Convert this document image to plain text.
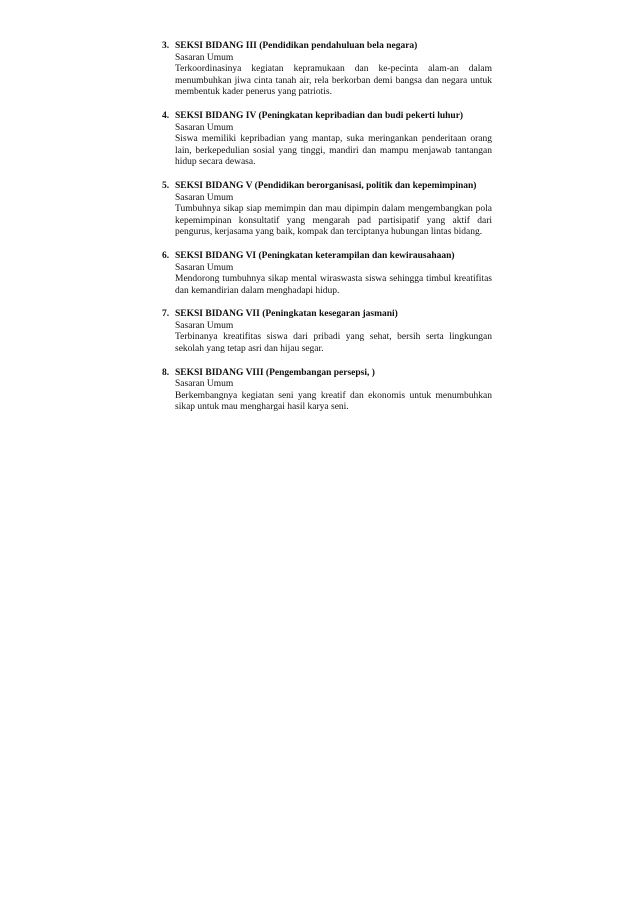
3. SEKSI BIDANG III (Pendidikan pendahuluan bela negara)
Sasaran Umum
Terkoordinasinya kegiatan kepramukaan dan ke-pecinta alam-an dalam menumbuhkan jiwa cinta tanah air, rela berkorban demi bangsa dan negara untuk membentuk kader penerus yang patriotis.
4. SEKSI BIDANG IV (Peningkatan kepribadian dan budi pekerti luhur)
Sasaran Umum
Siswa memiliki kepribadian yang mantap, suka meringankan penderitaan orang lain, berkepedulian sosial yang tinggi, mandiri dan mampu menjawab tantangan hidup secara dewasa.
5. SEKSI BIDANG V (Pendidikan berorganisasi, politik dan kepemimpinan)
Sasaran Umum
Tumbuhnya sikap siap memimpin dan mau dipimpin dalam mengembangkan pola kepemimpinan konsultatif yang mengarah pad partisipatif yang aktif dari pengurus, kerjasama yang baik, kompak dan terciptanya hubungan lintas bidang.
6. SEKSI BIDANG VI (Peningkatan keterampilan dan kewirausahaan)
Sasaran Umum
Mendorong tumbuhnya sikap mental wiraswasta siswa sehingga timbul kreatifitas dan kemandirian dalam menghadapi hidup.
7. SEKSI BIDANG VII (Peningkatan kesegaran jasmani)
Sasaran Umum
Terbinanya kreatifitas siswa dari pribadi yang sehat, bersih serta lingkungan sekolah yang tetap asri dan hijau segar.
8. SEKSI BIDANG VIII (Pengembangan persepsi, )
Sasaran Umum
Berkembangnya kegiatan seni yang kreatif dan ekonomis untuk menumbuhkan sikap untuk mau menghargai hasil karya seni.
